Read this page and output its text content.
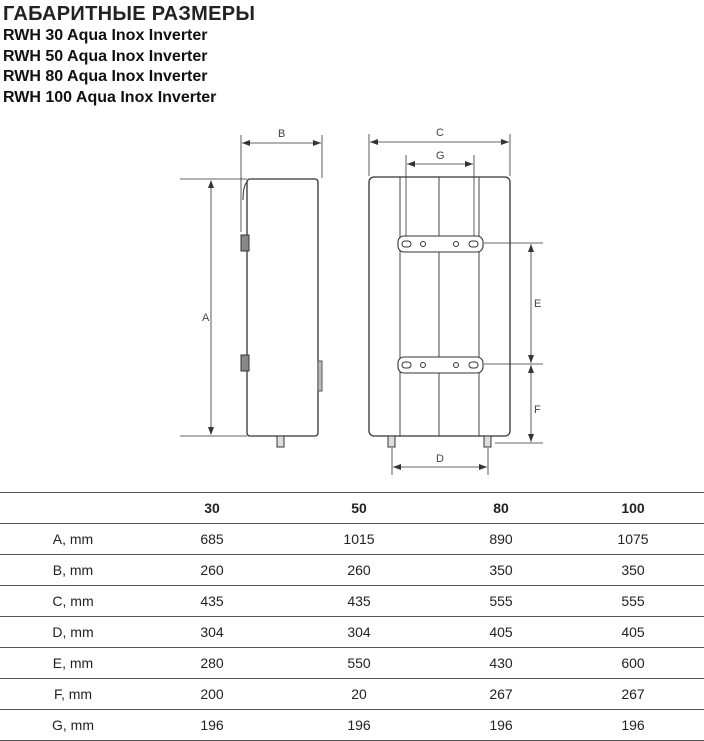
ГАБАРИТНЫЕ РАЗМЕРЫ
RWH 30 Aqua Inox Inverter
RWH 50 Aqua Inox Inverter
RWH 80 Aqua Inox Inverter
RWH 100 Aqua Inox Inverter
A
B	C
G
E
F
D
	30	50	80	100
A, mm	685	1015	890	1075
B, mm	260	260	350	350
C, mm	435	435	555	555
D, mm	304	304	405	405
E, mm	280	550	430	600
F, mm	200	20	267	267
G, mm	196	196	196	196
